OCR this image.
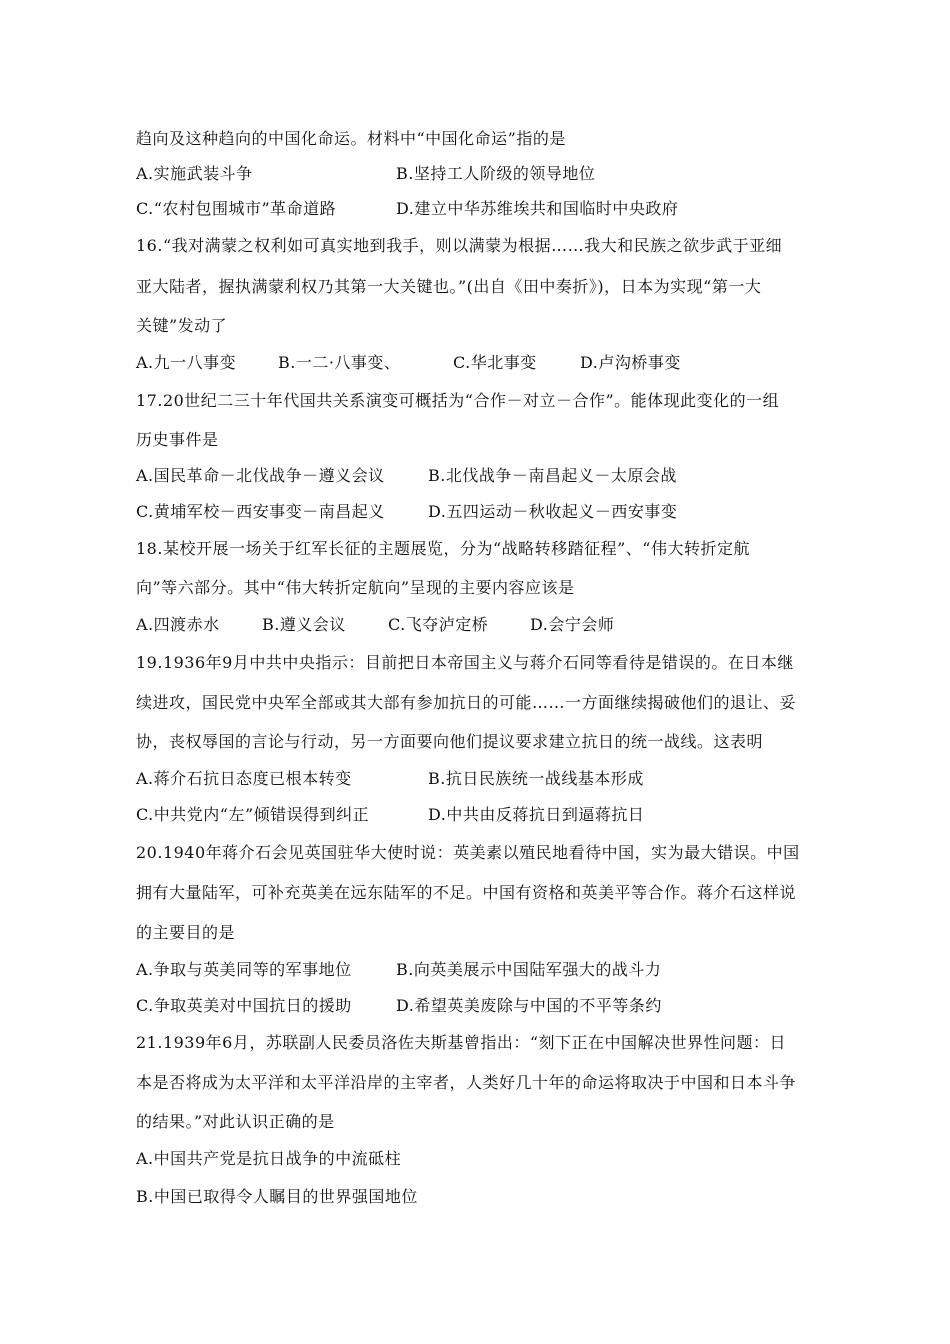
趋向及这种趋向的中国化命运。材料中“中国化命运”指的是
A.实施武装斗争	B.坚持工人阶级的领导地位
C.“农村包围城市”革命道路	D.建立中华苏维埃共和国临时中央政府
16.“我对满蒙之权利如可真实地到我手，则以满蒙为根据……我大和民族之欲步武于亚细
亚大陆者，握执满蒙利权乃其第一大关键也。”(出自《田中奏折》)，日本为实现“第一大
关键”发动了
A.九一八事变	B.一二·八事变、	C.华北事变	D.卢沟桥事变
17.20世纪二三十年代国共关系演变可概括为“合作－对立－合作”。能体现此变化的一组
历史事件是
A.国民革命－北伐战争－遵义会议	B.北伐战争－南昌起义－太原会战
C.黄埔军校－西安事变－南昌起义	D.五四运动－秋收起义－西安事变
18.某校开展一场关于红军长征的主题展览，分为“战略转移踏征程”、“伟大转折定航
向”等六部分。其中“伟大转折定航向”呈现的主要内容应该是
A.四渡赤水	B.遵义会议	C.飞夺泸定桥	D.会宁会师
19.1936年9月中共中央指示：目前把日本帝国主义与蒋介石同等看待是错误的。在日本继
续进攻，国民党中央军全部或其大部有参加抗日的可能……一方面继续揭破他们的退让、妥
协，丧权辱国的言论与行动，另一方面要向他们提议要求建立抗日的统一战线。这表明
A.蒋介石抗日态度已根本转变	B.抗日民族统一战线基本形成
C.中共党内“左”倾错误得到纠正	D.中共由反蒋抗日到逼蒋抗日
20.1940年蒋介石会见英国驻华大使时说：英美素以殖民地看待中国，实为最大错误。中国
拥有大量陆军，可补充英美在远东陆军的不足。中国有资格和英美平等合作。蒋介石这样说
的主要目的是
A.争取与英美同等的军事地位	B.向英美展示中国陆军强大的战斗力
C.争取英美对中国抗日的援助	D.希望英美废除与中国的不平等条约
21.1939年6月，苏联副人民委员洛佐夫斯基曾指出：“刻下正在中国解决世界性问题：日
本是否将成为太平洋和太平洋沿岸的主宰者，人类好几十年的命运将取决于中国和日本斗争
的结果。”对此认识正确的是
A.中国共产党是抗日战争的中流砥柱
B.中国已取得令人瞩目的世界强国地位
